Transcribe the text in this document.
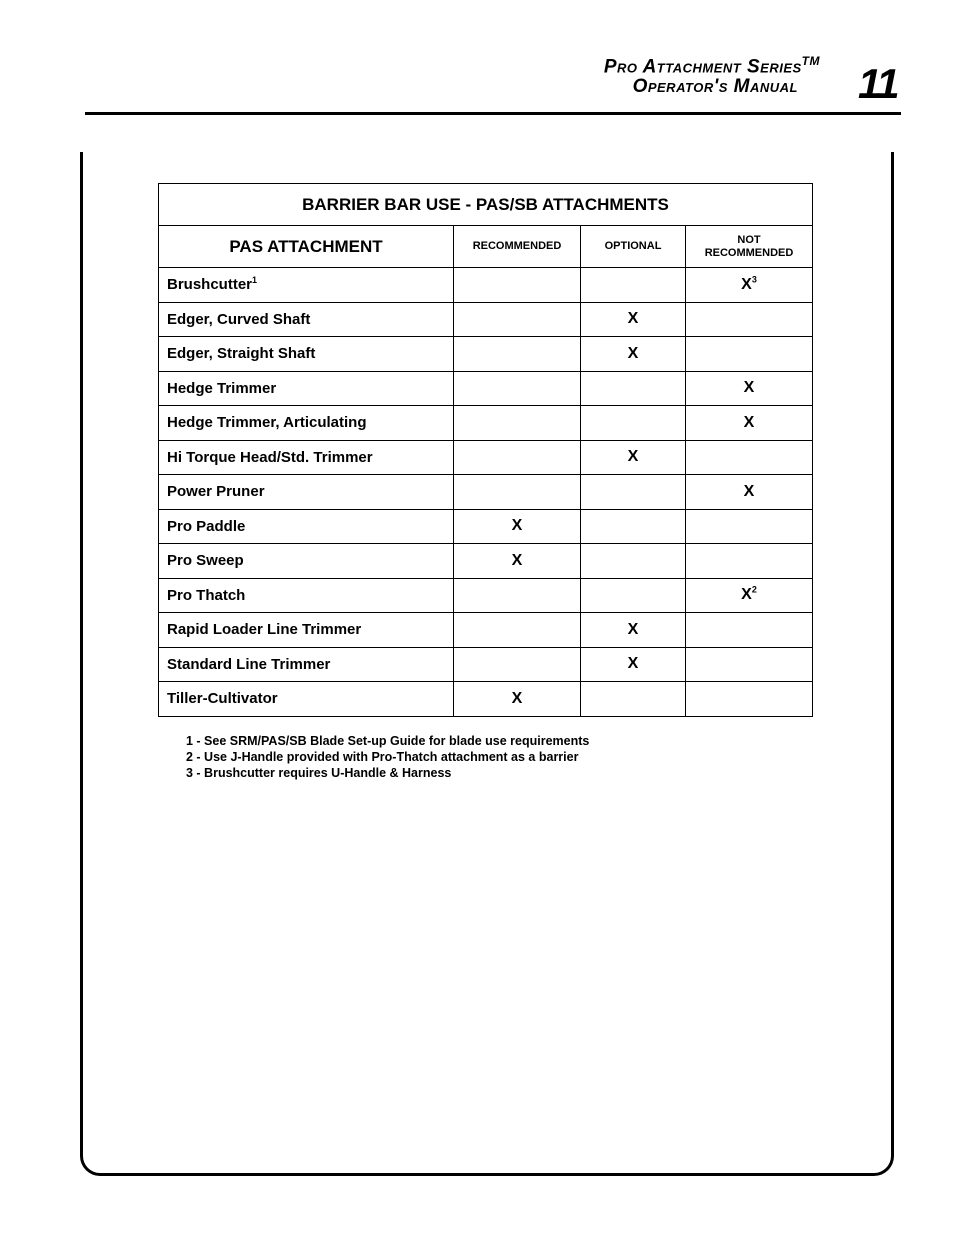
Pro Attachment Series™
Operator's Manual	11
BARRIER BAR USE - PAS/SB ATTACHMENTS			
PAS ATTACHMENT	RECOMMENDED	OPTIONAL	NOT
RECOMMENDED

Brushcutter$^1$			$X^3$
Edger, Curved Shaft		X	
Edger, Straight Shaft		X	
Hedge Trimmer			X
Hedge Trimmer, Articulating			X
Hi Torque Head/Std. Trimmer		X	
Power Pruner			X
Pro Paddle	X		
Pro Sweep	X		
Pro Thatch			$X^2$
Rapid Loader Line Trimmer		X	
Standard Line Trimmer		X	
Tiller-Cultivator	X		
1 - See SRM/PAS/SB Blade Set-up Guide for blade use requirements
2 - Use J-Handle provided with Pro-Thatch attachment as a barrier
3 - Brushcutter requires U-Handle & Harness
